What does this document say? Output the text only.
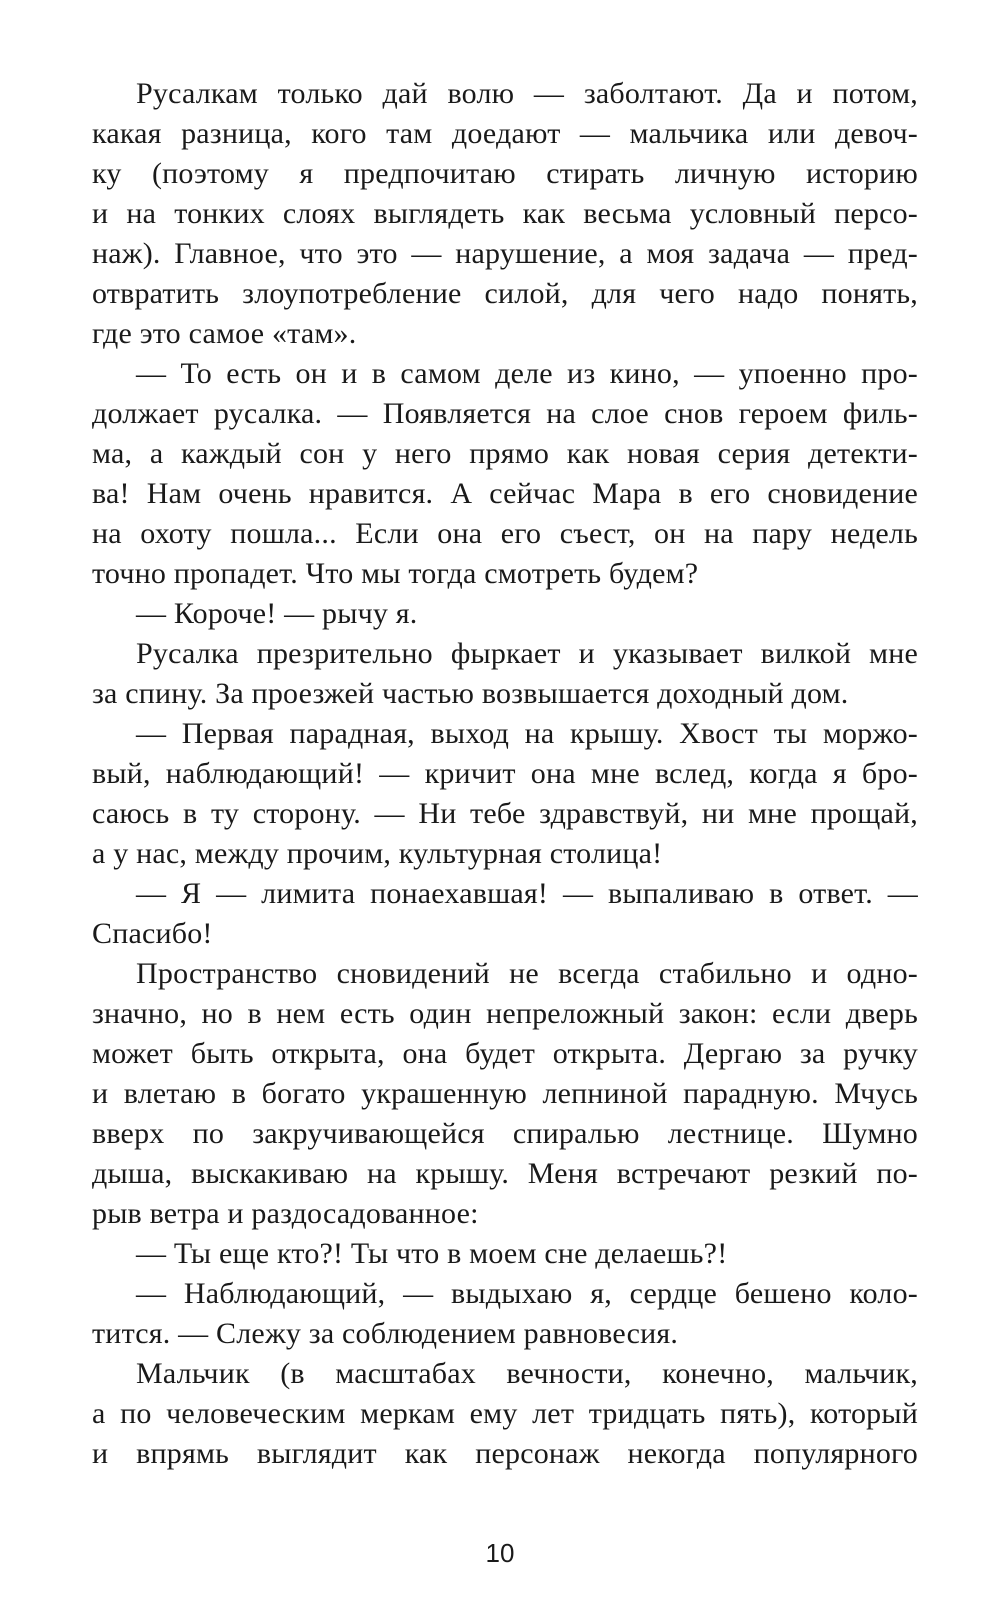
Русалкам только дай волю — заболтают. Да и потом,
какая разница, кого там доедают — мальчика или девоч-
ку (поэтому я предпочитаю стирать личную историю
и на тонких слоях выглядеть как весьма условный персо-
наж). Главное, что это — нарушение, а моя задача — пред-
отвратить злоупотребление силой, для чего надо понять,
где это самое «там».
— То есть он и в самом деле из кино, — упоенно про-
должает русалка. — Появляется на слое снов героем филь-
ма, а каждый сон у него прямо как новая серия детекти-
ва! Нам очень нравится. А сейчас Мара в его сновидение
на охоту пошла... Если она его съест, он на пару недель
точно пропадет. Что мы тогда смотреть будем?
— Короче! — рычу я.
Русалка презрительно фыркает и указывает вилкой мне
за спину. За проезжей частью возвышается доходный дом.
— Первая парадная, выход на крышу. Хвост ты моржо-
вый, наблюдающий! — кричит она мне вслед, когда я бро-
саюсь в ту сторону. — Ни тебе здравствуй, ни мне прощай,
а у нас, между прочим, культурная столица!
— Я — лимита понаехавшая! — выпаливаю в ответ. —
Спасибо!
Пространство сновидений не всегда стабильно и одно-
значно, но в нем есть один непреложный закон: если дверь
может быть открыта, она будет открыта. Дергаю за ручку
и влетаю в богато украшенную лепниной парадную. Мчусь
вверх по закручивающейся спиралью лестнице. Шумно
дыша, выскакиваю на крышу. Меня встречают резкий по-
рыв ветра и раздосадованное:
— Ты еще кто?! Ты что в моем сне делаешь?!
— Наблюдающий, — выдыхаю я, сердце бешено коло-
тится. — Слежу за соблюдением равновесия.
Мальчик (в масштабах вечности, конечно, мальчик,
а по человеческим меркам ему лет тридцать пять), который
и впрямь выглядит как персонаж некогда популярного
10
